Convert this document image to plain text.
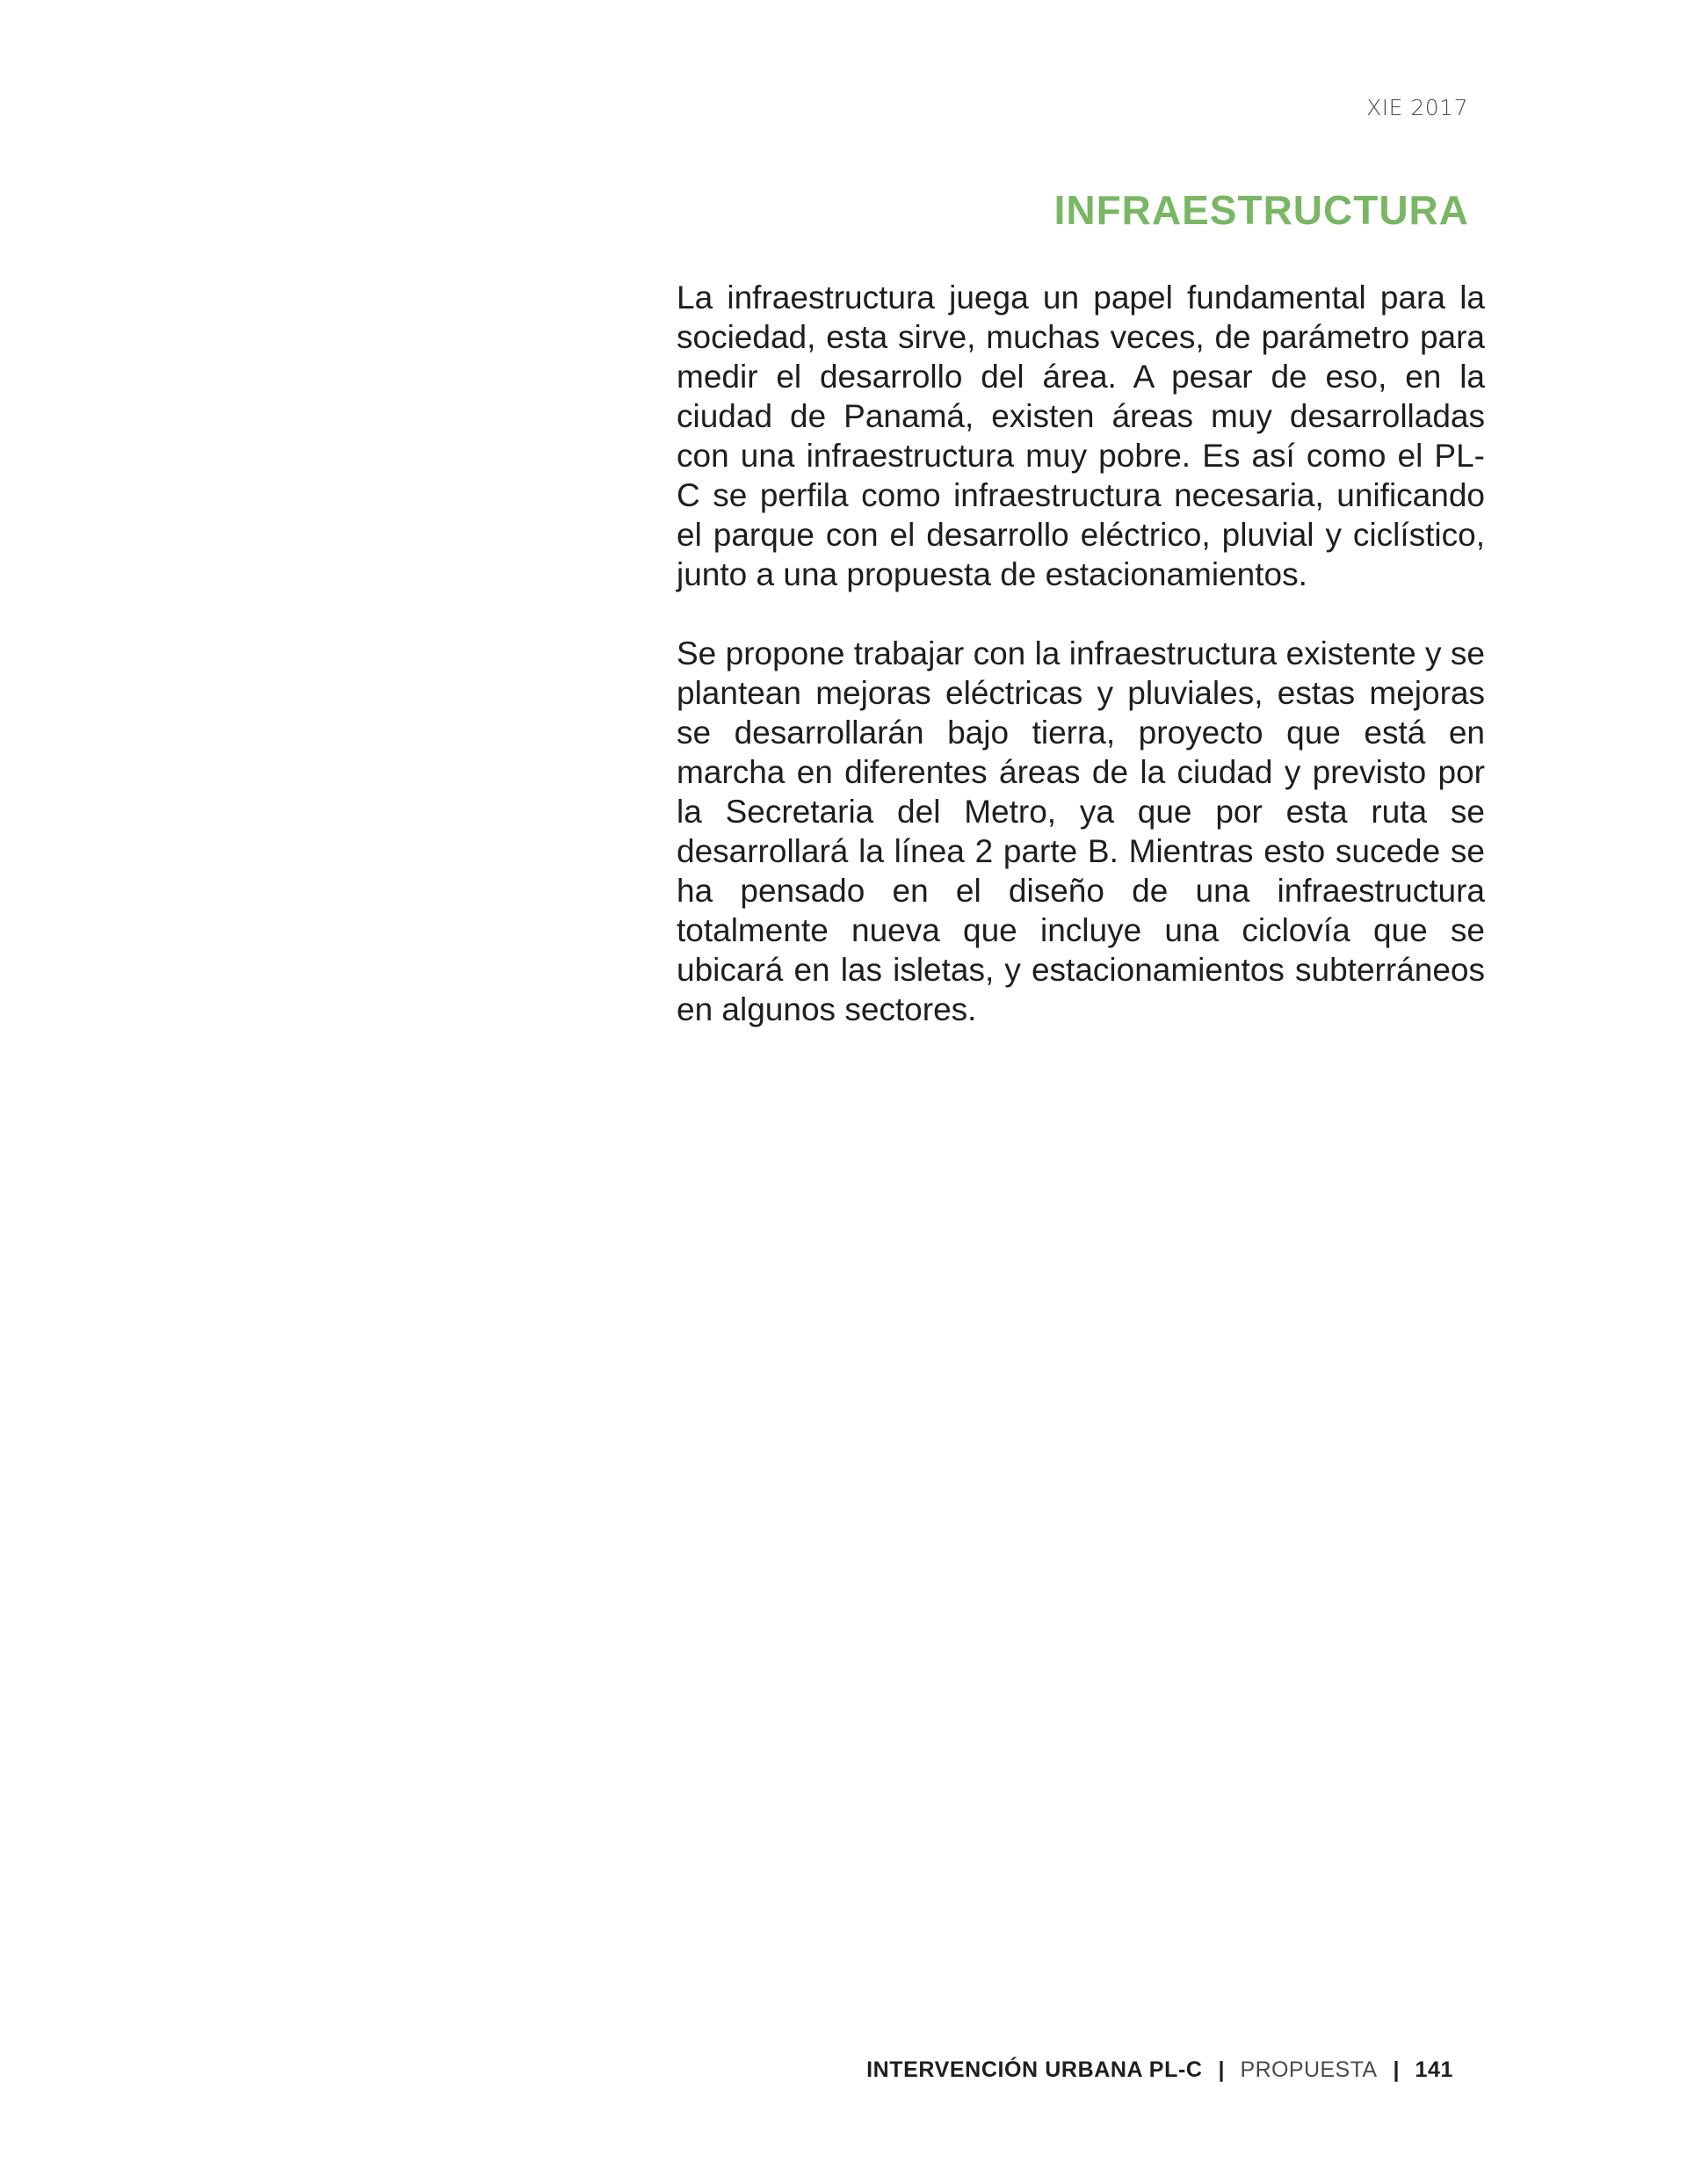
XIE 2017
INFRAESTRUCTURA

La infraestructura juega un papel fundamental para la sociedad, esta sirve, muchas veces, de parámetro para medir el desarrollo del área. A pesar de eso, en la ciudad de Panamá, existen áreas muy desarrolladas con una infraestructura muy pobre. Es así como el PL-C se perfila como infraestructura necesaria, unificando el parque con el desarrollo eléctrico, pluvial y ciclístico, junto a una propuesta de estacionamientos.

Se propone trabajar con la infraestructura existente y se plantean mejoras eléctricas y pluviales, estas mejoras se desarrollarán bajo tierra, proyecto que está en marcha en diferentes áreas de la ciudad y previsto por la Secretaria del Metro, ya que por esta ruta se desarrollará la línea 2 parte B. Mientras esto sucede se ha pensado en el diseño de una infraestructura totalmente nueva que incluye una ciclovía que se ubicará en las isletas, y estacionamientos subterráneos en algunos sectores.

INTERVENCIÓN URBANA PL-C | PROPUESTA | 141
